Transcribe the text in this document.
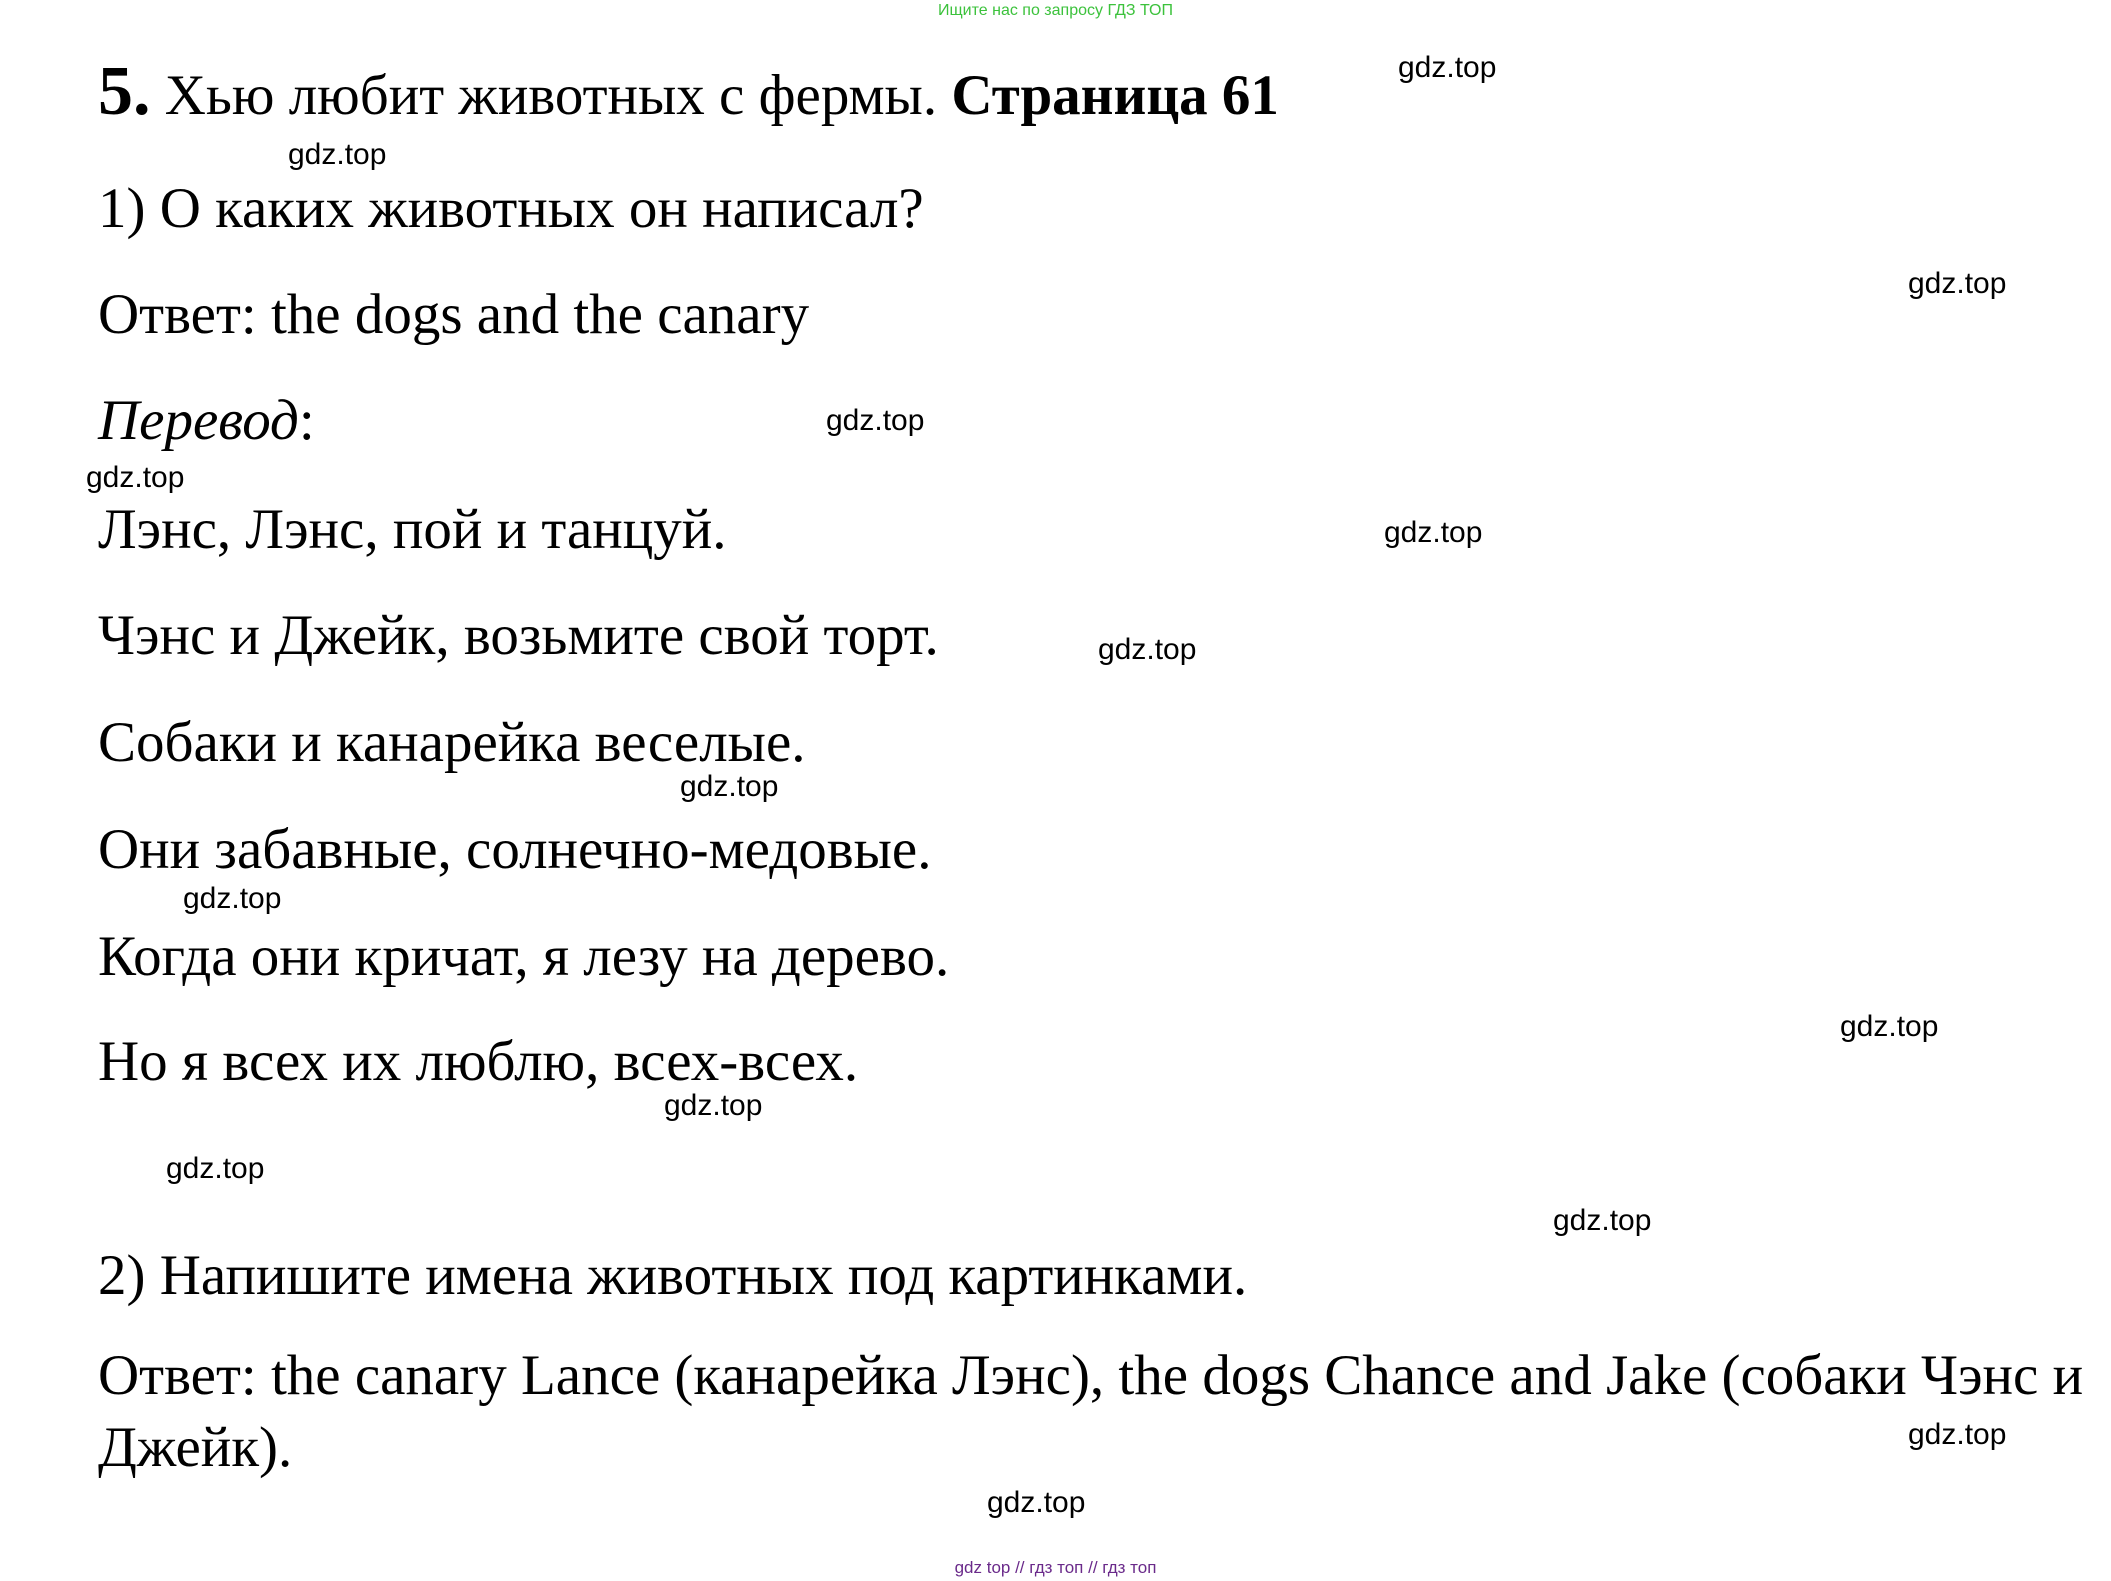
Ищите нас по запросу ГДЗ ТОП
5. Хью любит животных с фермы. Страница 61
1) О каких животных он написал?
Ответ: the dogs and the canary
Перевод:
Лэнс, Лэнс, пой и танцуй.
Чэнс и Джейк, возьмите свой торт.
Собаки и канарейка веселые.
Они забавные, солнечно-медовые.
Когда они кричат, я лезу на дерево.
Но я всех их люблю, всех-всех.
2) Напишите имена животных под картинками.
Ответ: the canary Lance (канарейка Лэнс), the dogs Chance and Jake (собаки Чэнс и Джейк).
gdz.top
gdz.top
gdz.top
gdz.top
gdz.top
gdz.top
gdz.top
gdz.top
gdz.top
gdz.top
gdz.top
gdz.top
gdz.top
gdz.top
gdz.top
gdz top // гдз топ // гдз топ
